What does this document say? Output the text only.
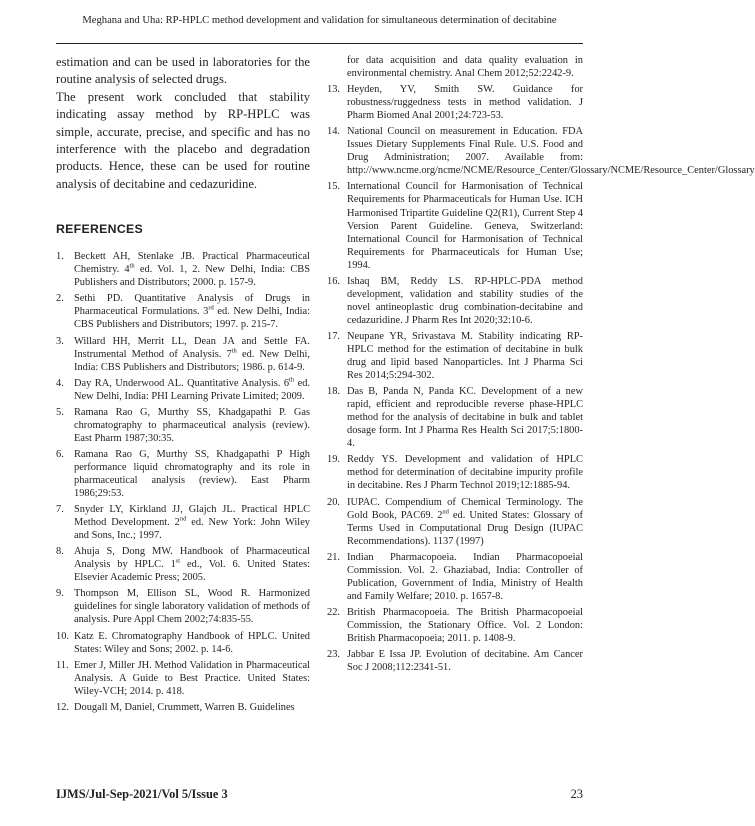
Meghana and Uha: RP-HPLC method development and validation for simultaneous determination of decitabine

estimation and can be used in laboratories for the routine analysis of selected drugs.

The present work concluded that stability indicating assay method by RP-HPLC was simple, accurate, precise, and specific and has no interference with the placebo and degradation products. Hence, these can be used for routine analysis of decitabine and cedazuridine.

REFERENCES
1. Beckett AH, Stenlake JB. Practical Pharmaceutical Chemistry. 4th ed. Vol. 1, 2. New Delhi, India: CBS Publishers and Distributors; 2000. p. 157-9.
2. Sethi PD. Quantitative Analysis of Drugs in Pharmaceutical Formulations. 3rd ed. New Delhi, India: CBS Publishers and Distributors; 1997. p. 215-7.
3. Willard HH, Merrit LL, Dean JA and Settle FA. Instrumental Method of Analysis. 7th ed. New Delhi, India: CBS Publishers and Distributors; 1986. p. 614-9.
4. Day RA, Underwood AL. Quantitative Analysis. 6th ed. New Delhi, India: PHI Learning Private Limited; 2009.
5. Ramana Rao G, Murthy SS, Khadgapathi P. Gas chromatography to pharmaceutical analysis (review). East Pharm 1987;30:35.
6. Ramana Rao G, Murthy SS, Khadgapathi P High performance liquid chromatography and its role in pharmaceutical analysis (review). East Pharm 1986;29:53.
7. Snyder LY, Kirkland JJ, Glajch JL. Practical HPLC Method Development. 2nd ed. New York: John Wiley and Sons, Inc.; 1997.
8. Ahuja S, Dong MW. Handbook of Pharmaceutical Analysis by HPLC. 1st ed., Vol. 6. United States: Elsevier Academic Press; 2005.
9. Thompson M, Ellison SL, Wood R. Harmonized guidelines for single laboratory validation of methods of analysis. Pure Appl Chem 2002;74:835-55.
10. Katz E. Chromatography Handbook of HPLC. United States: Wiley and Sons; 2002. p. 14-6.
11. Emer J, Miller JH. Method Validation in Pharmaceutical Analysis. A Guide to Best Practice. United States: Wiley-VCH; 2014. p. 418.
12. Dougall M, Daniel, Crummett, Warren B. Guidelines
for data acquisition and data quality evaluation in environmental chemistry. Anal Chem 2012;52:2242-9.
13. Heyden, YV, Smith SW. Guidance for robustness/ruggedness tests in method validation. J Pharm Biomed Anal 2001;24:723-53.
14. National Council on measurement in Education. FDA Issues Dietary Supplements Final Rule. U.S. Food and Drug Administration; 2007. Available from: http://www.ncme.org/ncme/NCME/Resource_Center/Glossary/NCME/Resource_Center/Glossary
15. International Council for Harmonisation of Technical Requirements for Pharmaceuticals for Human Use. ICH Harmonised Tripartite Guideline Q2(R1), Current Step 4 Version Parent Guideline. Geneva, Switzerland: International Council for Harmonisation of Technical Requirements for Pharmaceuticals for Human Use; 1994.
16. Ishaq BM, Reddy LS. RP-HPLC-PDA method development, validation and stability studies of the novel antineoplastic drug combination-decitabine and cedazuridine. J Pharm Res Int 2020;32:10-6.
17. Neupane YR, Srivastava M. Stability indicating RP-HPLC method for the estimation of decitabine in bulk drug and lipid based Nanoparticles. Int J Pharma Sci Res 2014;5:294-302.
18. Das B, Panda N, Panda KC. Development of a new rapid, efficient and reproducible reverse phase-HPLC method for the analysis of decitabine in bulk and tablet dosage form. Int J Pharma Res Health Sci 2017;5:1800-4.
19. Reddy YS. Development and validation of HPLC method for determination of decitabine impurity profile in decitabine. Res J Pharm Technol 2019;12:1885-94.
20. IUPAC. Compendium of Chemical Terminology. The Gold Book, PAC69. 2nd ed. United States: Glossary of Terms Used in Computational Drug Design (IUPAC Recommendations). 1137 (1997)
21. Indian Pharmacopoeia. Indian Pharmacopoeial Commission. Vol. 2. Ghaziabad, India: Controller of Publication, Government of India, Ministry of Health and Family Welfare; 2010. p. 1657-8.
22. British Pharmacopoeia. The British Pharmacopoeial Commission, the Stationary Office. Vol. 2 London: British Pharmacopoeia; 2011. p. 1408-9.
23. Jabbar E Issa JP. Evolution of decitabine. Am Cancer Soc J 2008;112:2341-51.
IJMS/Jul-Sep-2021/Vol 5/Issue 3	23
